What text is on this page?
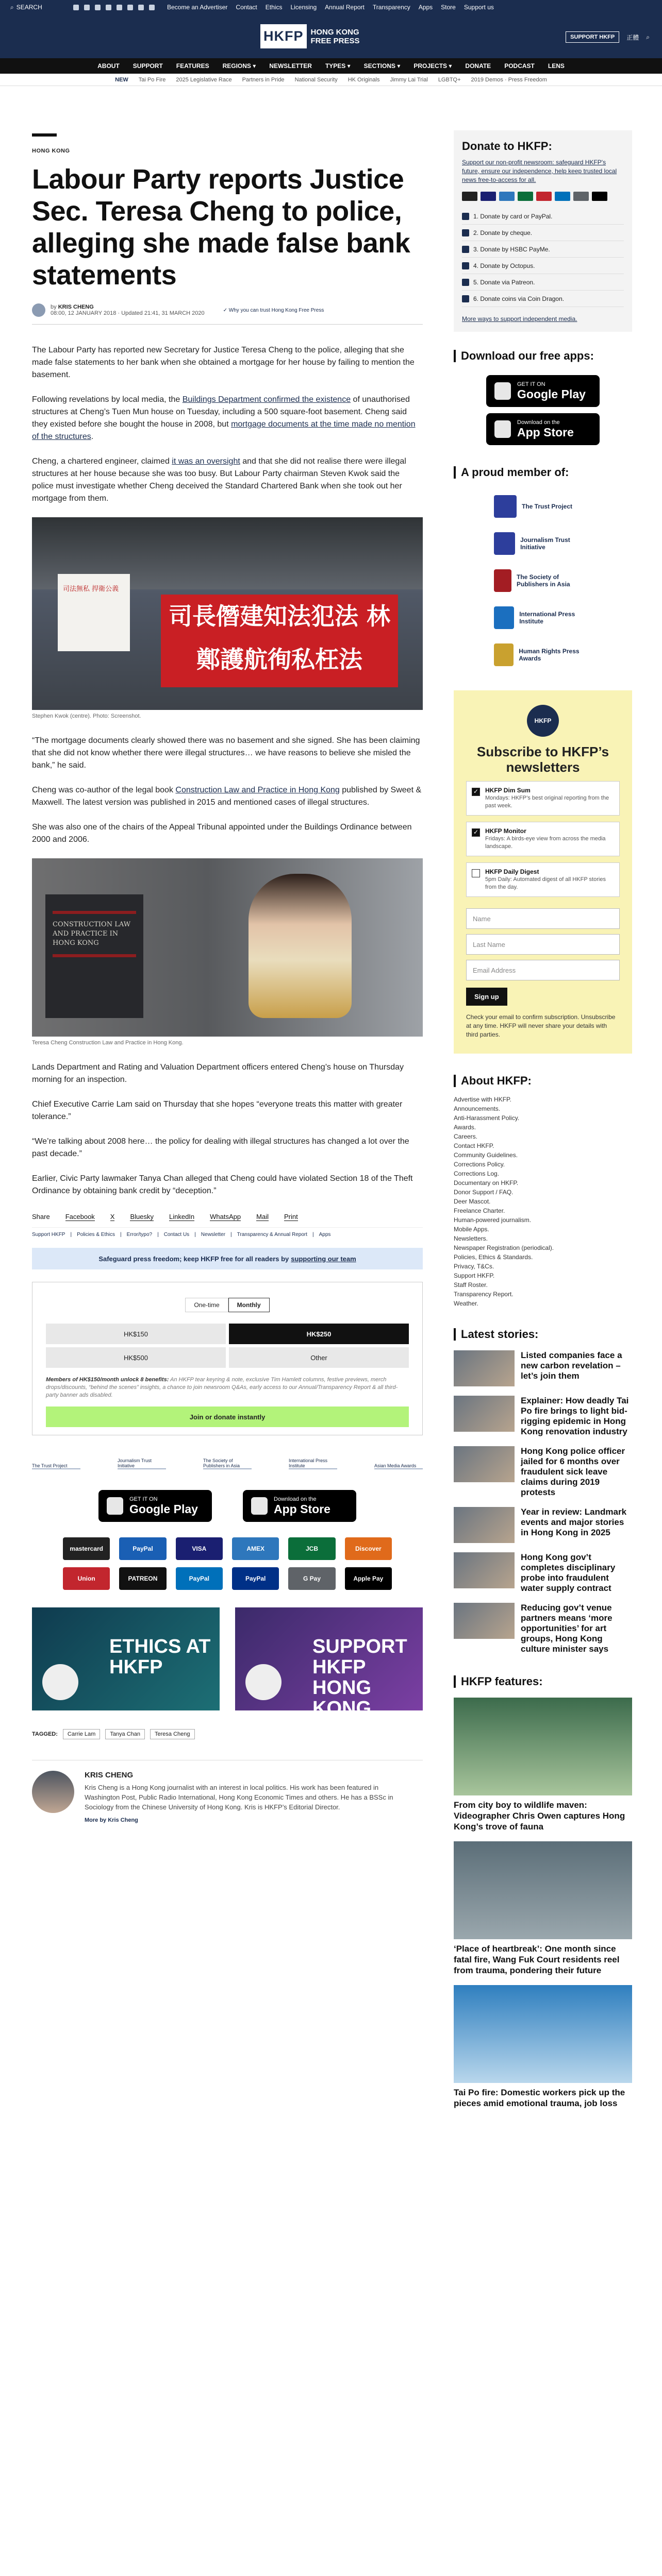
⌕ SEARCH	Become an Advertiser Contact Ethics Licensing Annual Report Transparency Apps Store Support us
HKFP HONG KONG
FREE PRESS	SUPPORT HKFP	正體 ⌕
ABOUT SUPPORT FEATURES REGIONS ▾ NEWSLETTER TYPES ▾ SECTIONS ▾ PROJECTS ▾ DONATE PODCAST LENS
NEW Tai Po Fire 2025 Legislative Race Partners in Pride National Security HK Originals Jimmy Lai Trial LGBTQ+ 2019 Demos · Press Freedom
HONG KONG
Labour Party reports Justice Sec. Teresa Cheng to police, alleging she made false bank statements
by KRIS CHENG
08:00, 12 JANUARY 2018 · Updated 21:41, 31 MARCH 2020	✓ Why you can trust Hong Kong Free Press

The Labour Party has reported new Secretary for Justice Teresa Cheng to the police, alleging that she made false statements to her bank when she obtained a mortgage for her house by failing to mention the basement.

Following revelations by local media, the Buildings Department confirmed the existence of unauthorised structures at Cheng’s Tuen Mun house on Tuesday, including a 500 square-foot basement. Cheng said they existed before she bought the house in 2008, but mortgage documents at the time made no mention of the structures.

Cheng, a chartered engineer, claimed it was an oversight and that she did not realise there were illegal structures at her house because she was too busy. But Labour Party chairman Steven Kwok said the police must investigate whether Cheng deceived the Standard Chartered Bank when she took out her mortgage from them.

司法無私 捍衛公義
司長僭建知法犯法 林鄭護航徇私枉法
Stephen Kwok (centre). Photo: Screenshot.

“The mortgage documents clearly showed there was no basement and she signed. She has been claiming that she did not know whether there were illegal structures… we have reasons to believe she misled the bank,” he said.

Cheng was co-author of the legal book Construction Law and Practice in Hong Kong published by Sweet & Maxwell. The latest version was published in 2015 and mentioned cases of illegal structures.

She was also one of the chairs of the Appeal Tribunal appointed under the Buildings Ordinance between 2000 and 2006.

CONSTRUCTION LAW AND PRACTICE IN HONG KONG
Teresa Cheng Construction Law and Practice in Hong Kong.

Lands Department and Rating and Valuation Department officers entered Cheng’s house on Thursday morning for an inspection.

Chief Executive Carrie Lam said on Thursday that she hopes “everyone treats this matter with greater tolerance.”

“We’re talking about 2008 here… the policy for dealing with illegal structures has changed a lot over the past decade.”

Earlier, Civic Party lawmaker Tanya Chan alleged that Cheng could have violated Section 18 of the Theft Ordinance by obtaining bank credit by “deception.”

Share Facebook X Bluesky LinkedIn WhatsApp Mail Print
Support HKFP | Policies & Ethics | Error/typo? | Contact Us | Newsletter | Transparency & Annual Report | Apps
Safeguard press freedom; keep HKFP free for all readers by supporting our team
One-time	Monthly
HK$150	HK$250
HK$500	Other
Members of HK$150/month unlock 8 benefits: An HKFP tear keyring & note, exclusive Tim Hamlett columns, festive previews, merch drops/discounts, “behind the scenes” insights, a chance to join newsroom Q&As, early access to our Annual/Transparency Report & all third-party banner ads disabled.
Join or donate instantly
The Trust Project
Journalism Trust Initiative
The Society of Publishers in Asia
International Press Institute	Asian Media Awards
GET IT ON
Google Play
Download on the
App Store
mastercard	PayPal	VISA	AMEX	JCB	Discover
Union	PATREON	PayPal	PayPal	G Pay	Apple Pay
ETHICS AT HKFP
SUPPORT HKFP HONG KONG PRESS
TAGGED:	Carrie Lam	Tanya Chan	Teresa Cheng
KRIS CHENG

Kris Cheng is a Hong Kong journalist with an interest in local politics. His work has been featured in Washington Post, Public Radio International, Hong Kong Economic Times and others. He has a BSSc in Sociology from the Chinese University of Hong Kong. Kris is HKFP’s Editorial Director.

More by Kris Cheng
Donate to HKFP:

Support our non-profit newsroom: safeguard HKFP's future, ensure our independence, help keep trusted local news free-to-access for all.

1. Donate by card or PayPal.
2. Donate by cheque.
3. Donate by HSBC PayMe.
4. Donate by Octopus.
5. Donate via Patreon.
6. Donate coins via Coin Dragon.
More ways to support independent media.
Download our free apps:
GET IT ON
Google Play
Download on the
App Store
A proud member of:
The Trust Project
Journalism Trust Initiative
The Society of Publishers in Asia
International Press Institute
Human Rights Press Awards
HKFP
Subscribe to HKFP’s newsletters
✓
HKFP Dim Sum
Mondays: HKFP’s best original reporting from the past week.
✓
HKFP Monitor
Fridays: A birds-eye view from across the media landscape.
HKFP Daily Digest
5pm Daily: Automated digest of all HKFP stories from the day.
Name
Last Name
Email Address
Sign up
Check your email to confirm subscription. Unsubscribe at any time. HKFP will never share your details with third parties.
About HKFP:
Advertise with HKFP.
Announcements.
Anti-Harassment Policy.
Awards.
Careers.
Contact HKFP.
Community Guidelines.
Corrections Policy.
Corrections Log.
Documentary on HKFP.
Donor Support / FAQ.
Deer Mascot.
Freelance Charter.
Human-powered journalism.
Mobile Apps.
Newsletters.
Newspaper Registration (periodical).
Policies, Ethics & Standards.
Privacy, T&Cs.
Support HKFP.
Staff Roster.
Transparency Report.
Weather.
Latest stories:
Listed companies face a new carbon revelation – let’s join them
Explainer: How deadly Tai Po fire brings to light bid-rigging epidemic in Hong Kong renovation industry
Hong Kong police officer jailed for 6 months over fraudulent sick leave claims during 2019 protests
Year in review: Landmark events and major stories in Hong Kong in 2025
Hong Kong gov’t completes disciplinary probe into fraudulent water supply contract
Reducing gov’t venue partners means ‘more opportunities’ for art groups, Hong Kong culture minister says
HKFP features:
From city boy to wildlife maven: Videographer Chris Owen captures Hong Kong’s trove of fauna
‘Place of heartbreak’: One month since fatal fire, Wang Fuk Court residents reel from trauma, pondering their future
Tai Po fire: Domestic workers pick up the pieces amid emotional trauma, job loss
